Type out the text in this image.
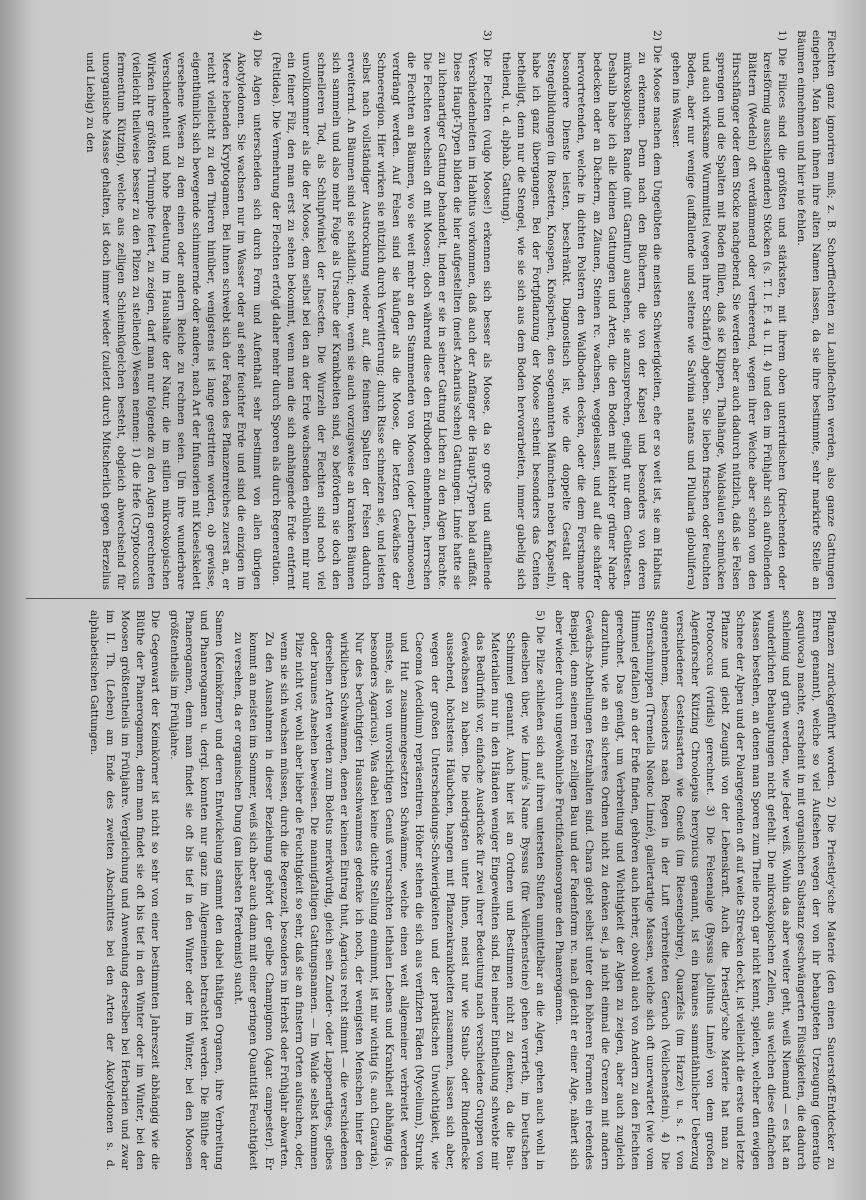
Flechten ganz ignoriren muß; z. B. Schorfflechten zu Laubflechten werden, also ganze Gattungen eingehen. Man kann ihnen ihre alten Namen lassen, da sie ihre bestimmte, sehr markirte Stelle an Bäumen einnehmen und hier nie fehlen.

1) Die Filices sind die größten und stärksten, mit ihrem oben unterirdischen (kriechenden oder kreisförmig ausschlagenden) Stöcken (s. T. I. F. 4 u. II. 4) und den im Frühjahr sich aufrollenden Blättern (Wedeln) oft verdämmend oder verheerend, wegen ihrer Weiche aber schon von den Hirschfänger oder dem Stocke nachgebend. Sie werden aber auch dadurch nützlich, daß sie Felsen sprengen und die Spalten mit Boden füllen, daß sie Klippen, Thalhänge, Waldsäulen schmücken und auch wirksame Wurmmittel (wegen ihrer Schärfe) abgeben. Sie lieben frischen oder feuchten Boden, aber nur wenige (auffallende und seltene wie Salvinia natans und Pilularia globulifera) gehen ins Wasser.

2) Die Moose machen dem Ungeübten die meisten Schwierigkeiten, ehe er so weit ist, sie am Habitus zu erkennen. Denn nach den Büchern, die von der Kapsel und besonders von deren mikroskopischen Rande (mit Garnitur) ausgehen, sie anzusprechen, gelingt nur dem Geübtesten. Deshalb habe ich alle kleinen Gattungen und Arten, die den Boden mit leichter grüner Narbe bedecken oder an Dächern, an Zäunen, Steinen rc. wachsen, weggelassen, und auf die schärfer hervortretenden, welche in dichten Polstern den Waldboden decken, oder die dem Forstmanne besondere Dienste leisten, beschränkt. Diagnostisch ist, wie die doppelte Gestalt der Stengelbildungen (in Rosetten, Knospen, Knöspchen, den sogenannten Männchen neben Kapseln), habe ich ganz übergangen. Bei der Fortpflanzung der Moose scheint besonders das Centen betheiligt, denn nur die Stengel, wie sie sich aus dem Boden hervorarbeiten, immer gabelig sich theilend, u. d. alphab. Gattung).

3) Die Flechten (vulgo Moose!) erkennen sich besser als Moose, da so große und auffallende Verschiedenheiten im Habitus vorkommen, daß auch der Anfänger die Haupt-Typen bald auffaßt. Diese Haupt-Typen bilden die hier aufgestellten (meist Acharius'schen) Gattungen. Linné hatte sie zu lichenartiger Gattung behandelt, indem er sie in seiner Gattung Lichen zu den Algen brachte. Die Flechten wechseln oft mit Moosen; doch während diese den Erdboden einnehmen, herrschen die Flechten an Bäumen, wo sie weit mehr an den Stammenden von Moosen (oder Lebermoosen) verdrängt werden. Auf Felsen sind sie häufiger als die Moose, die letzten Gewächse der Schneeregion. Hier wirken sie nützlich durch Verwitterung; durch Risse schmelzen sie, und leisten selbst nach vollständiger Austrocknung wieder auf, die feinsten Spalten der Felsen dadurch erweiternd. An Bäumen sind sie schädlich; denn, wenn sie auch vorzugsweise an kranken Bäumen sich sammeln und also mehr Folge als Ursache der Krankheiten sind, so befördern sie doch den schnelleren Tod, als Schlupfwinkel der Insecten. Die Wurzeln der Flechten sind noch viel unvollkommner als die der Moose, dem selbst bei den an der Erde wachsenden erblühen mir nur ein feiner Filz, den man erst zu sehen bekommt, wenn man die sich anhängende Erde entfernt (Peltidea). Die Vermehrung der Flechten erfolgt daher mehr durch Sporen als durch Regeneration.

4) Die Algen unterscheiden sich durch Form und Aufenthalt sehr bestimmt von allen übrigen Akotyledonen. Sie wachsen nur im Wasser oder auf sehr feuchter Erde und sind die einzigen im Meere lebenden Kryptogamen. Bei ihnen schwebt sich der Faden des Pflanzenreiches zuerst an, er reicht vielleicht zu den Thieren hinüber, wenigstens ist lange gestritten worden, ob gewisse, eigenthümlich sich bewegende schimmernde oder andere, nach Art der Infusorien mit Kieselskelett versehene Wesen zu dem einen oder andern Reiche zu rechnen seien. Um ihre wunderbare Verschiedenheit und hohe Bedeutung im Haushalte der Natur, die im stillen mikroskopischen Wirken ihre größten Triumphe feiert, zu zeigen, darf man nur folgende zu den Algen gerechneten (vielleicht theilweise besser zu den Pilzen zu stellende) Wesen nennen: 1) die Hefe (Cryptococcus fermentum Kützing), welche aus zelligen Schleimkügelchen besteht, obgleich abwechselnd für unorganische Masse gehalten, ist doch immer wieder (zuletzt durch Mitscherlich gegen Berzelius und Liebig) zu den

Pflanzen zurückgeführt worden. 2) Die Priestley'sche Materie (den einen Sauerstoff-Entdecker zu Ehren genannt), welche so viel Aufsehen wegen der von ihr behaupteten Urzeugung (generatio aequivoca) machte, erscheint in mit organischen Substanz geschwängerten Flüssigkeiten, die dadurch schleimig und grün werden, wie Jeder weiß. Wohin das aber weiter geht, weiß Niemand — es hat an wunderlichen Behauptungen nicht gefehlt. Die mikroskopischen Zellen, aus welchen diese einfachen Massen bestehen, an denen man Sporen zum Theile noch gar nicht kennt, spielen, welcher den ewigen Schnee der Alpen und der Polargegenden oft auf weite Strecken deckt, ist vielleicht die erste und letzte Pflanze und giebt Zeugniß von der Lebenskraft. Auch die Priestley'sche Materie hat man zu Protococcus (viridis) gerechnet. 3) Die Felsenalge (Byssus Jolithus Linné) von dem großen Algenforscher Kützing Chroolepus hercynicus genannt, ist ein braunes sammtähnlicher Ueberzug verschiedener Gesteinsarten wie Gneuß (im Riesengebirge), Quarzfels (im Harze) u. s. f. von angenehmem, besonders nach Regen in der Luft verbreiteten Geruch (Veilchenstein). 4) Die Sternschnuppen (Tremella Nostoc Linné), gallertartige Massen, welche sich oft unerwartet (wie vom Himmel gefallen) an der Erde finden, gehören auch hierher, obwohl auch von Andern zu den Flechten gerechnet. Das genügt, um Verbreitung und Wichtigkeit der Algen zu zeigen, aber auch zugleich darzuthun, wie an ein sicheres Ordnen nicht zu denken sei, ja nicht einmal die Grenzen mit andern Gewächs-Abtheilungen festzuhalten sind. Chara giebt selbst unter den höheren Formen ein redendes Beispiel, denn seinem rein zelligen Bau und der Fadenform rc. nach gleicht er einer Alge, nähert sich aber wieder durch ungewöhnliche Fructificationsorgane den Phanerogamen.

5) Die Pilze schließen sich auf ihren untersten Stufen unmittelbar an die Algen, gehen auch wohl in dieselben über, wie Linné's Name Byssus (für Veilchensteine) gehen verrieth, im Deutschen Schimmel genannt. Auch hier ist an Ordnen und Bestimmen nicht zu denken, da die Bau-Materialien nur in den Händen weniger Eingeweihten sind. Bei meiner Eintheilung schwebte mir das Bedürfniß vor, einfache Ausdrücke für zwei ihrer Bedeutung nach verschiedene Gruppen von Gewächsen zu haben. Die niedrigsten unter ihnen, meist nur wie Staub- oder Rindenflecke aussehend, höchstens Häubchen, hangen mit Pflanzenkrankheiten zusammen, lassen sich aber, wegen der großen Unterscheidungs-Schwierigkeiten und der praktischen Unwichtigkeit, wie Caeoma (Aecidium) repräsentiren. Höher stehen die sich aus verfilzten Fäden (Mycelium), Strunk und Hut zusammengesetzten Schwämme, welche einen weit allgemeiner verbreitet werden müsste, als von unvorsichtigen Genuß verursachten lethalen Lebens und Krankheit abhängig (s. besonders Agaricus). Was dabei keine dichte Stellung einnimmt, ist mir wichtig (s. auch Clavaria). Nur des berüchtigten Hausschwammes gedenke ich noch, der wenigsten Menschen hinter den wirklichen Schwämmen, denen er keinen Eintrag thut, Agaricus recht stimmt — die verschiedenen derselben Arten werden zum Boletus merkwürdig, gleich sein Zunder- oder Lappenartiges, gelbes oder braunes Ansehen beweisen. Die mannigfaltigen Gattungsnamen. — Im Walde selbst kommen Pilze nicht vor, wohl aber lieber die Feuchtigkeit so sehr, daß sie an finstern Orten aufsuchen, oder, wenn sie sich wachsen müssen, durch die Regenzeit, besonders im Herbst oder Frühjahr abwarten. Zu den Ausnahmen in dieser Beziehung gehört der gelbe Champignon (Agar. campester). Er kommt an meisten im Sommer, weiß sich aber auch dann mit einer geringen Quantität Feuchtigkeit zu versehen, da er organischen Dung (am liebsten Pferdemist) sucht.

Samen (Keimkörner) und deren Entwickelung stammt den dabei thätigen Organen, ihre Verbreitung und Phanerogamen u. dergl. konnten nur ganz im Allgemeinen betrachtet werden. Die Blüthe der Phanerogamen, denn man findet sie oft bis tief in den Winter oder im Winter, bei den Moosen größtentheils im Frühjahre.

Die Gegenwart der Keimkörner ist nicht so sehr von einer bestimmten Jahreszeit abhängig wie die Blüthe der Phanerogamen, denn man findet sie oft bis tief in den Winter oder im Winter, bei den Moosen größtentheils im Frühjahre. Vergleichung und Anwendung derselben bei Herbarien und zwar im II. Th. (Leben) am Ende des zweiten Abschnittes bei den Arten der Akotyledonen s. d. alphabetischen Gattungen.
